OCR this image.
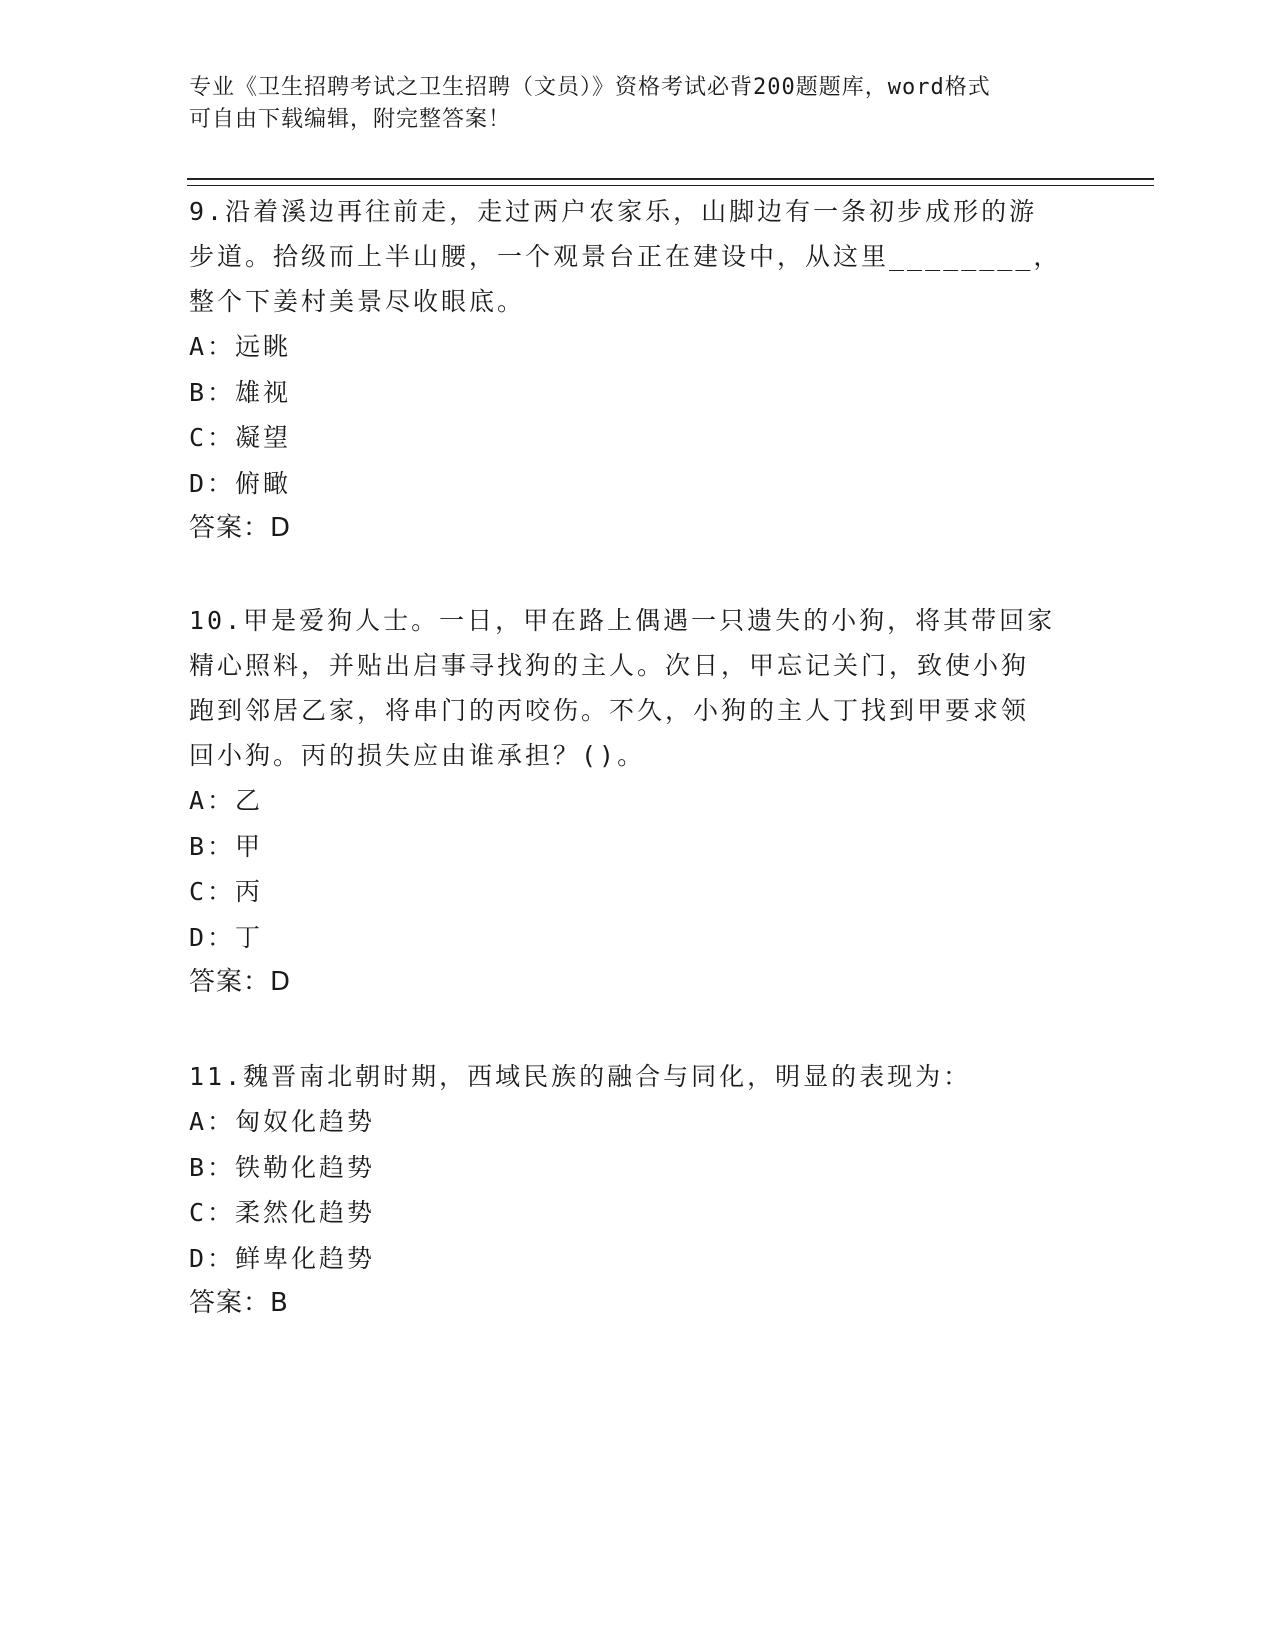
专业《卫生招聘考试之卫生招聘（文员）》资格考试必背200题题库，word格式
可自由下载编辑，附完整答案！

9.沿着溪边再往前走，走过两户农家乐，山脚边有一条初步成形的游

步道。拾级而上半山腰，一个观景台正在建设中，从这里________，

整个下姜村美景尽收眼底。

A：远眺

B：雄视

C：凝望

D：俯瞰

答案：D

10.甲是爱狗人士。一日，甲在路上偶遇一只遗失的小狗，将其带回家

精心照料，并贴出启事寻找狗的主人。次日，甲忘记关门，致使小狗

跑到邻居乙家，将串门的丙咬伤。不久，小狗的主人丁找到甲要求领

回小狗。丙的损失应由谁承担？()。

A：乙

B：甲

C：丙

D：丁

答案：D

11.魏晋南北朝时期，西域民族的融合与同化，明显的表现为：

A：匈奴化趋势

B：铁勒化趋势

C：柔然化趋势

D：鲜卑化趋势

答案：B
